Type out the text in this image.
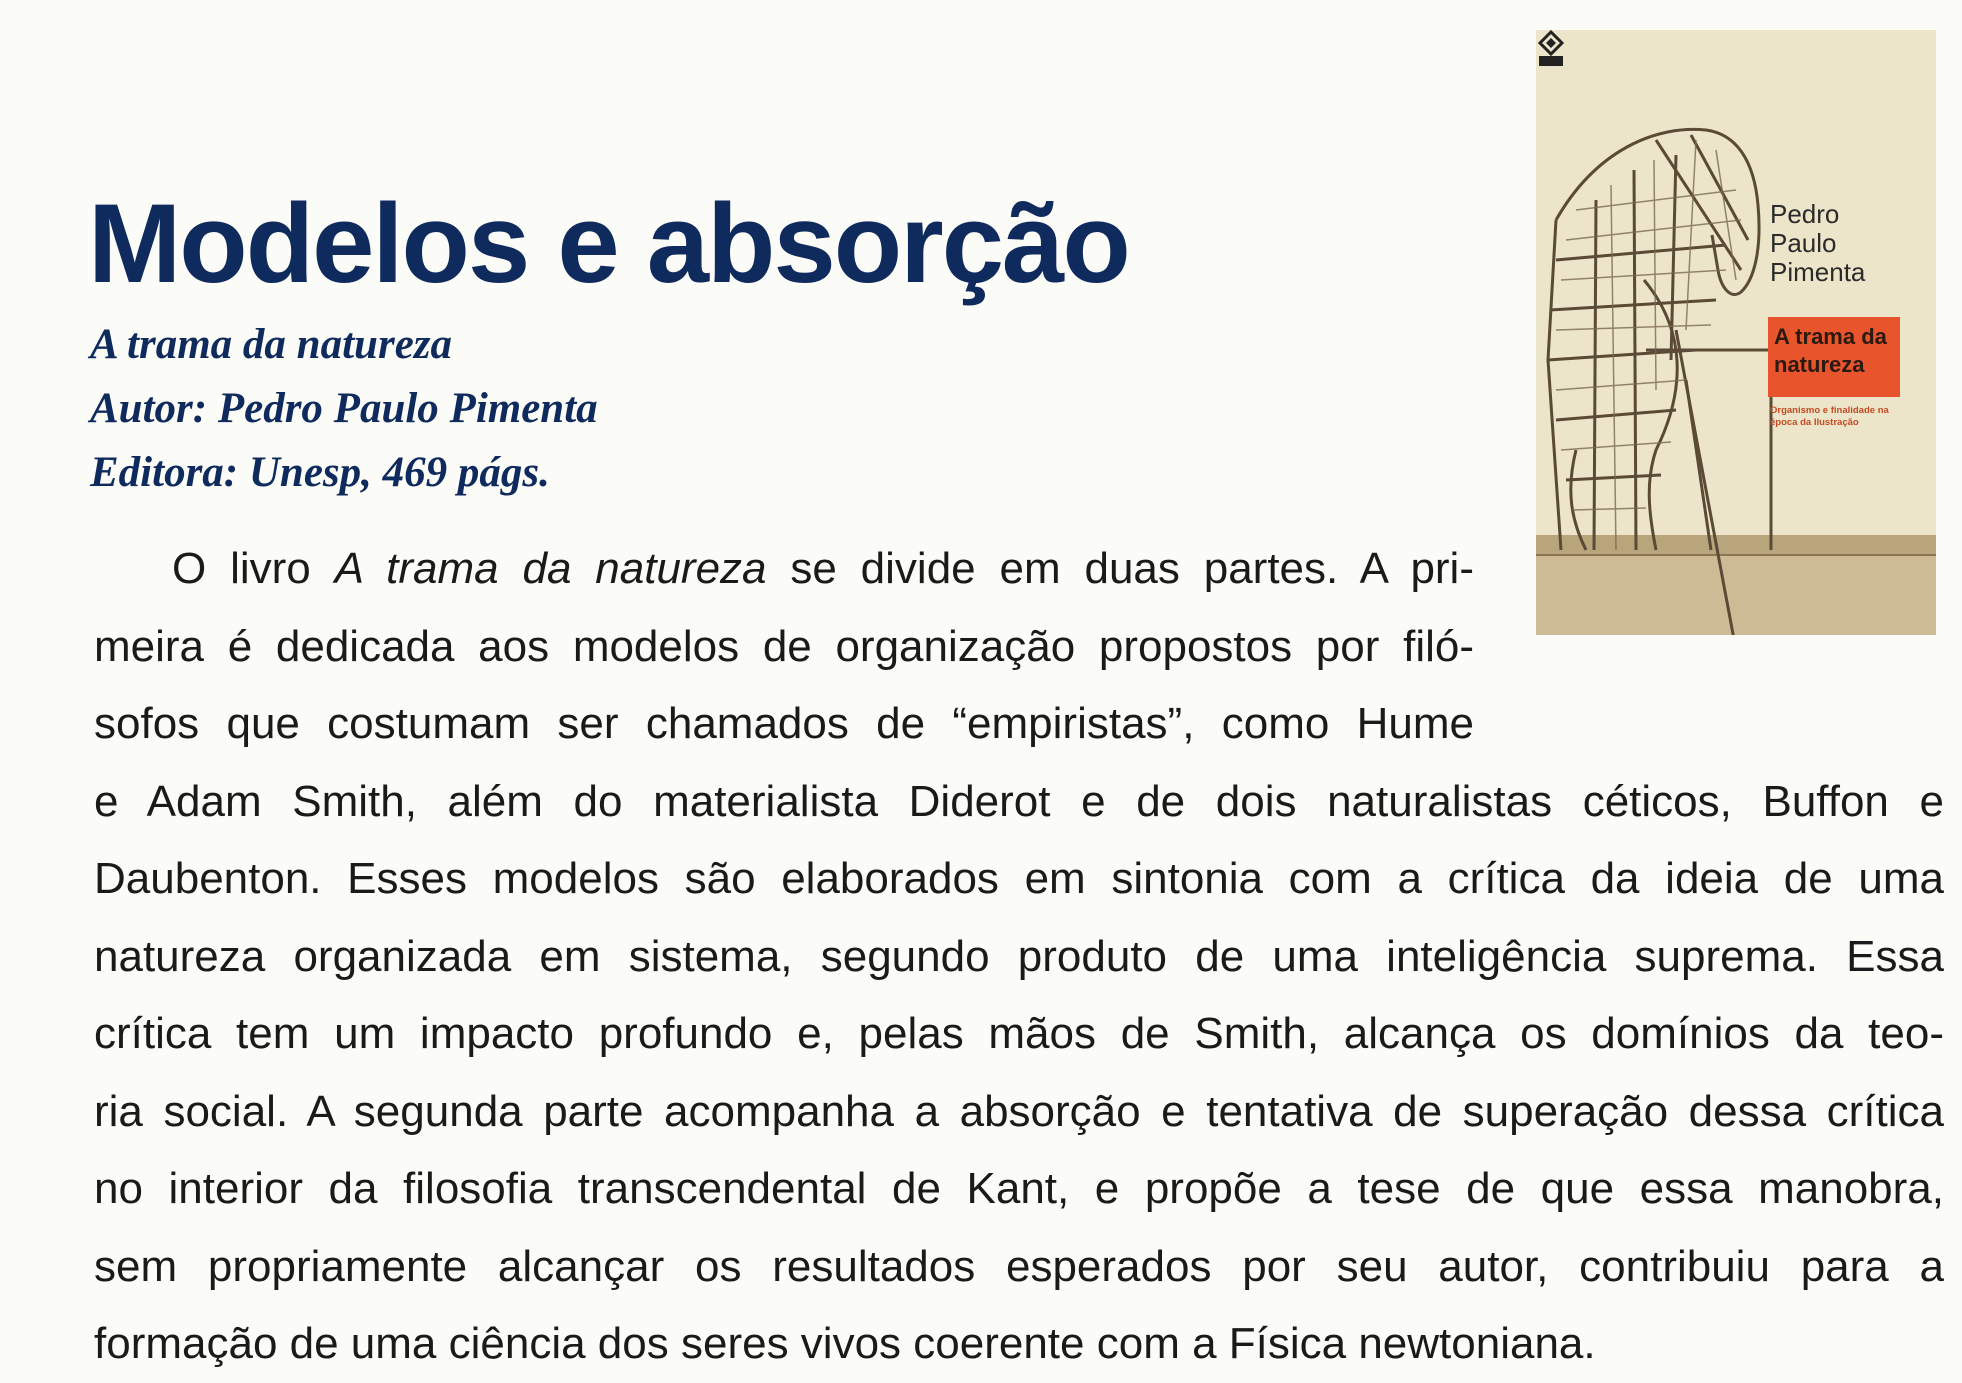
Modelos e absorção
A trama da natureza
Autor: Pedro Paulo Pimenta
Editora: Unesp, 469 págs.
Pedro
Paulo
Pimenta
A trama da
natureza
Organismo e finalidade na época da Ilustração
O livro A trama da natureza se divide em duas partes. A pri-
meira é dedicada aos modelos de organização propostos por filó-
sofos que costumam ser chamados de “empiristas”, como Hume
e Adam Smith, além do materialista Diderot e de dois naturalistas céticos, Buffon e
Daubenton. Esses modelos são elaborados em sintonia com a crítica da ideia de uma
natureza organizada em sistema, segundo produto de uma inteligência suprema. Essa
crítica tem um impacto profundo e, pelas mãos de Smith, alcança os domínios da teo-
ria social. A segunda parte acompanha a absorção e tentativa de superação dessa crítica
no interior da filosofia transcendental de Kant, e propõe a tese de que essa manobra,
sem propriamente alcançar os resultados esperados por seu autor, contribuiu para a
formação de uma ciência dos seres vivos coerente com a Física newtoniana.
